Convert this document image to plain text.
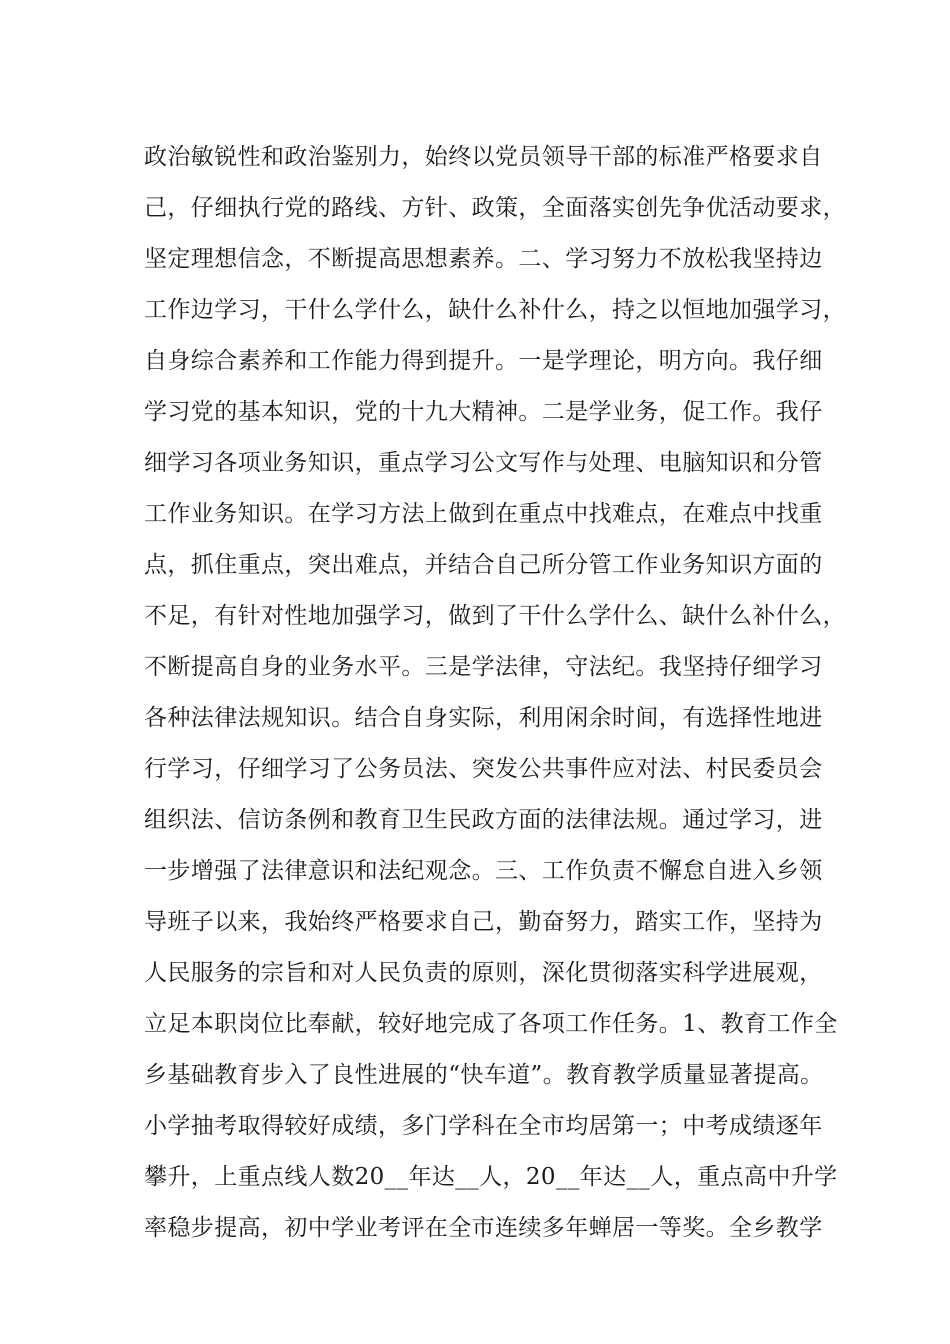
政治敏锐性和政治鉴别力，始终以党员领导干部的标准严格要求自
己，仔细执行党的路线、方针、政策，全面落实创先争优活动要求，
坚定理想信念，不断提高思想素养。二、学习努力不放松我坚持边
工作边学习，干什么学什么，缺什么补什么，持之以恒地加强学习，
自身综合素养和工作能力得到提升。一是学理论，明方向。我仔细
学习党的基本知识，党的十九大精神。二是学业务，促工作。我仔
细学习各项业务知识，重点学习公文写作与处理、电脑知识和分管
工作业务知识。在学习方法上做到在重点中找难点，在难点中找重
点，抓住重点，突出难点，并结合自己所分管工作业务知识方面的
不足，有针对性地加强学习，做到了干什么学什么、缺什么补什么，
不断提高自身的业务水平。三是学法律，守法纪。我坚持仔细学习
各种法律法规知识。结合自身实际，利用闲余时间，有选择性地进
行学习，仔细学习了公务员法、突发公共事件应对法、村民委员会
组织法、信访条例和教育卫生民政方面的法律法规。通过学习，进
一步增强了法律意识和法纪观念。三、工作负责不懈怠自进入乡领
导班子以来，我始终严格要求自己，勤奋努力，踏实工作，坚持为
人民服务的宗旨和对人民负责的原则，深化贯彻落实科学进展观，
立足本职岗位比奉献，较好地完成了各项工作任务。1、教育工作全
乡基础教育步入了良性进展的“快车道”。教育教学质量显著提高。
小学抽考取得较好成绩，多门学科在全市均居第一；中考成绩逐年
攀升，上重点线人数20__年达__人，20__年达__人，重点高中升学
率稳步提高，初中学业考评在全市连续多年蝉居一等奖。全乡教学
